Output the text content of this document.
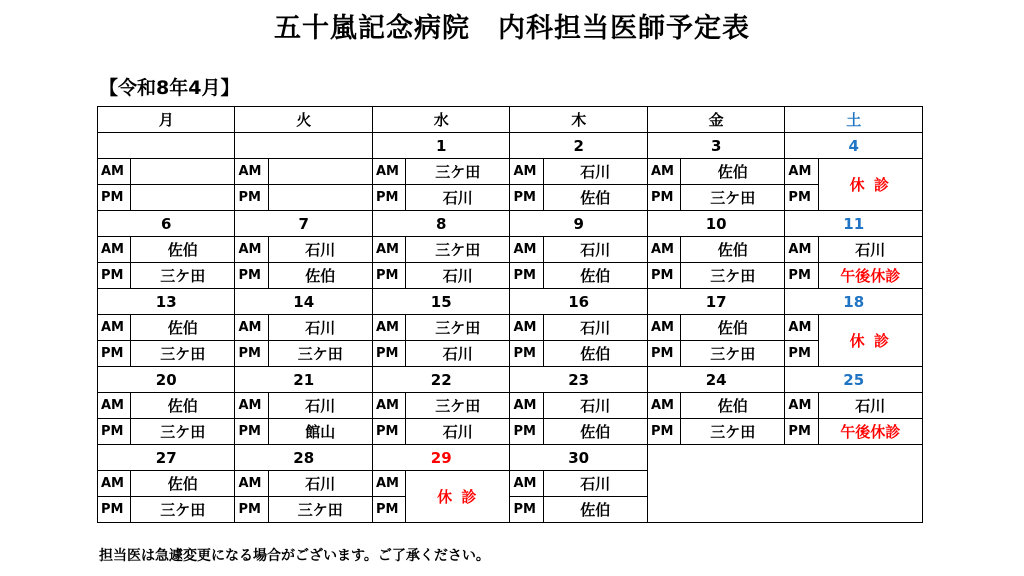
五十嵐記念病院　内科担当医師予定表
【令和8年4月】
月		火		水		木		金		土	
				1		2		3		4	
AM		AM		AM	三ケ田	AM	石川	AM	佐伯	AM	休 診
PM		PM		PM	石川	PM	佐伯	PM	三ケ田	PM	
6		7		8		9		10		11	
AM	佐伯	AM	石川	AM	三ケ田	AM	石川	AM	佐伯	AM	石川
PM	三ケ田	PM	佐伯	PM	石川	PM	佐伯	PM	三ケ田	PM	午後休診
13		14		15		16		17		18	
AM	佐伯	AM	石川	AM	三ケ田	AM	石川	AM	佐伯	AM	休 診
PM	三ケ田	PM	三ケ田	PM	石川	PM	佐伯	PM	三ケ田	PM	
20		21		22		23		24		25	
AM	佐伯	AM	石川	AM	三ケ田	AM	石川	AM	佐伯	AM	石川
PM	三ケ田	PM	館山	PM	石川	PM	佐伯	PM	三ケ田	PM	午後休診
27		28		29		30					
AM	佐伯	AM	石川	AM	休 診	AM	石川				
PM	三ケ田	PM	三ケ田	PM		PM	佐伯				
担当医は急遽変更になる場合がございます。ご了承ください。
